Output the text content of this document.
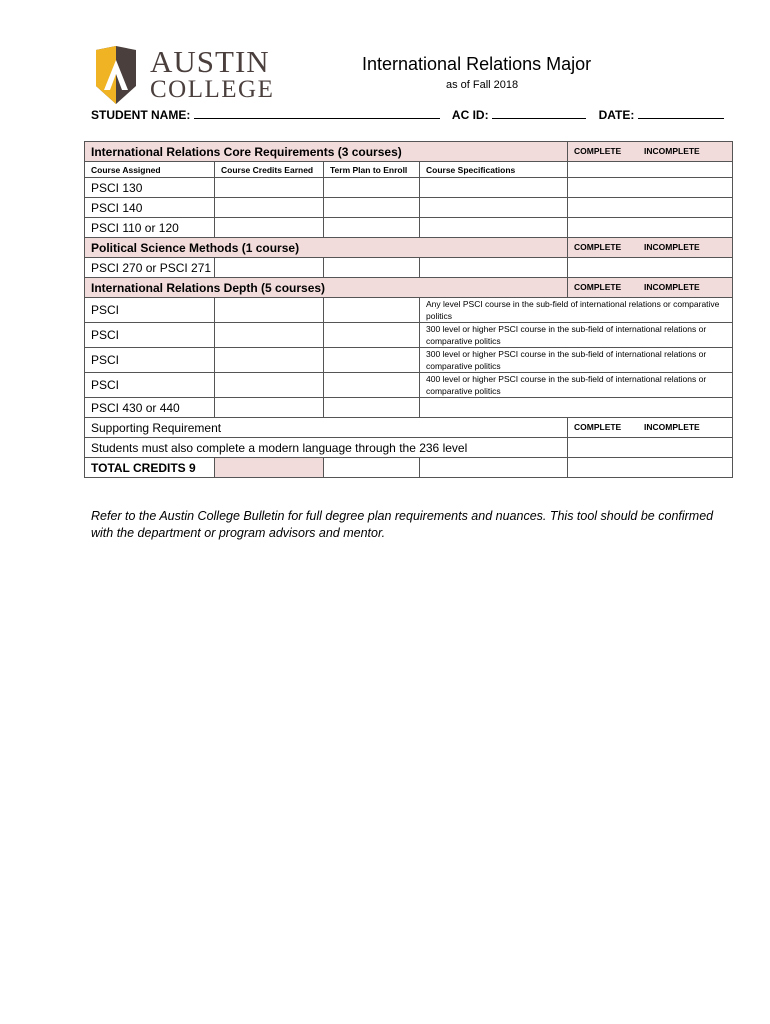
AUSTIN
COLLEGE
International Relations Major
as of Fall 2018
STUDENT NAME:	AC ID:	DATE:
International Relations Core Requirements (3 courses)				COMPLETE INCOMPLETE

Course Assigned	Course Credits Earned	Term Plan to Enroll	Course Specifications	
PSCI 130				
PSCI 140				
PSCI 110 or 120				
Political Science Methods (1 course)				COMPLETE INCOMPLETE

PSCI 270 or PSCI 271				
International Relations Depth (5 courses)				COMPLETE INCOMPLETE

PSCI			Any level PSCI course in the sub-field of international relations or comparative politics	
PSCI			300 level or higher PSCI course in the sub-field of international relations or comparative politics	
PSCI			300 level or higher PSCI course in the sub-field of international relations or comparative politics	
PSCI			400 level or higher PSCI course in the sub-field of international relations or comparative politics	
PSCI 430 or 440				
Supporting Requirement				COMPLETE INCOMPLETE

Students must also complete a modern language through the 236 level				
TOTAL CREDITS 9				
Refer to the Austin College Bulletin for full degree plan requirements and nuances. This tool should be confirmed with the department or program advisors and mentor.
